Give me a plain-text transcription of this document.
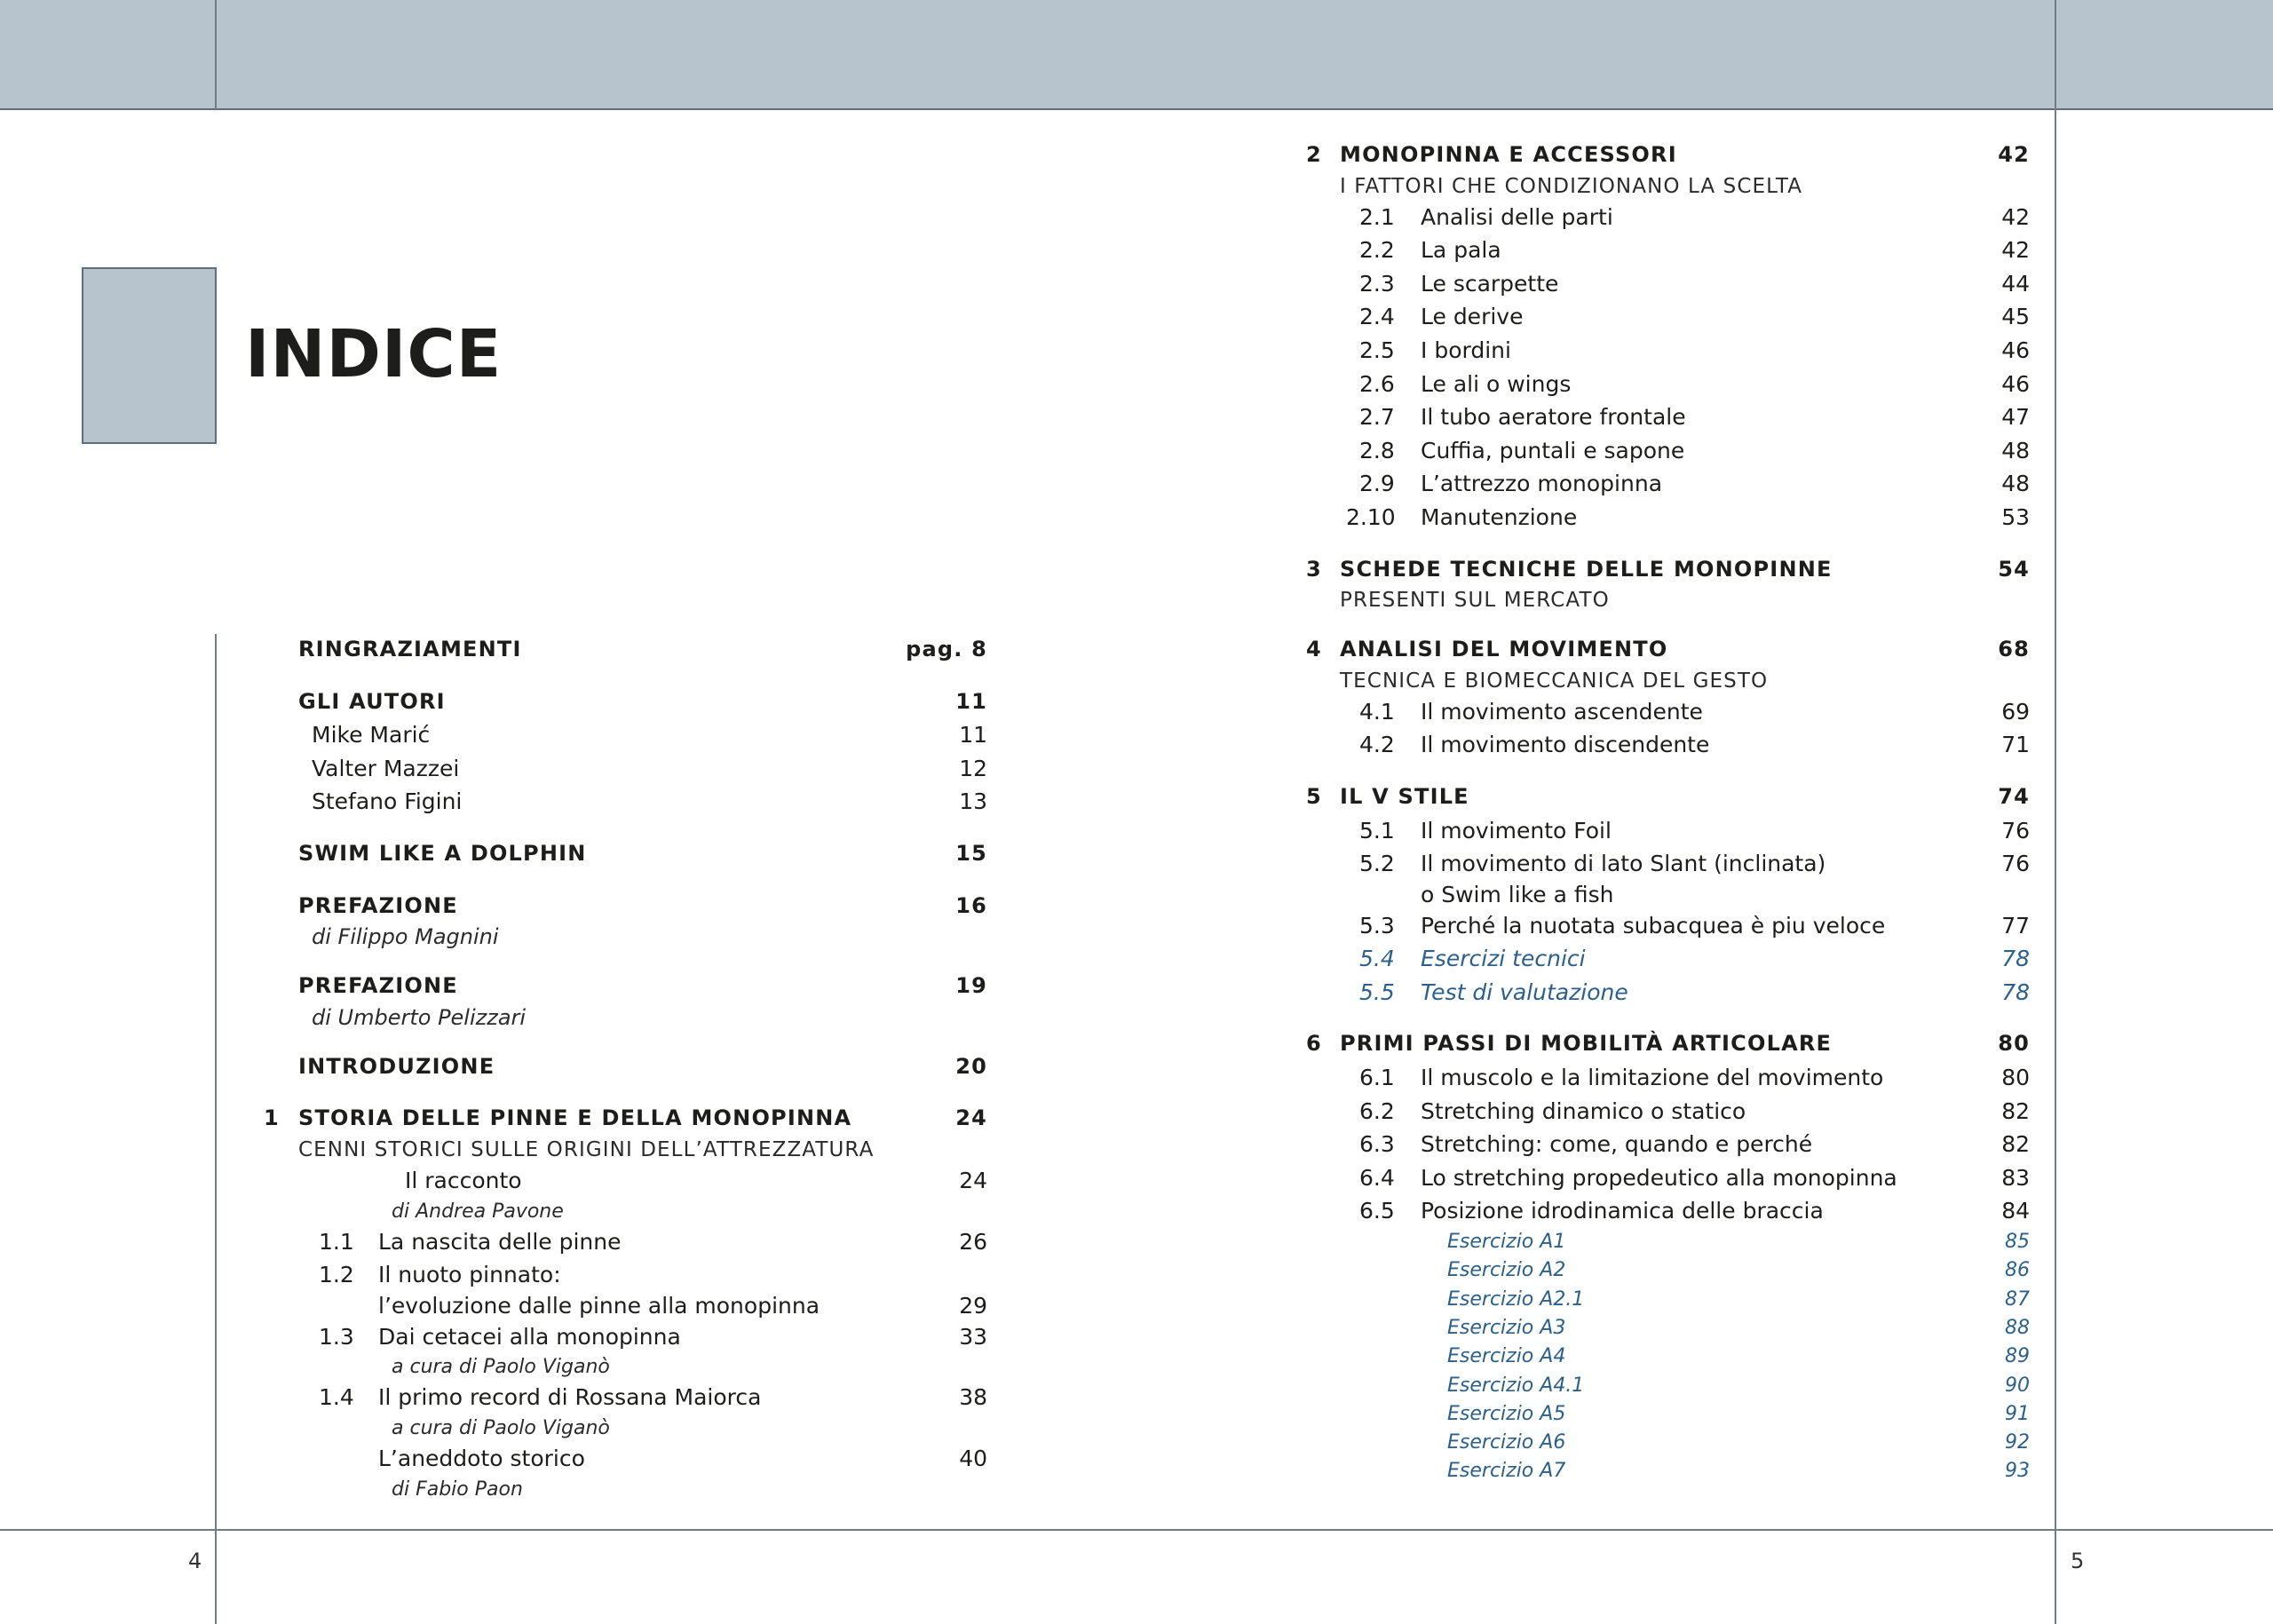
INDICE
4	5
RINGRAZIAMENTI	pag. 8
GLI AUTORI	11
Mike Marić	11
Valter Mazzei	12
Stefano Figini	13
SWIM LIKE A DOLPHIN	15
PREFAZIONE	16
di Filippo Magnini
PREFAZIONE	19
di Umberto Pelizzari
INTRODUZIONE	20
1 STORIA DELLE PINNE E DELLA MONOPINNA	24
CENNI STORICI SULLE ORIGINI DELL’ATTREZZATURA
Il racconto	24
di Andrea Pavone
1.1 La nascita delle pinne	26
1.2 Il nuoto pinnato:
l’evoluzione dalle pinne alla monopinna	29
1.3 Dai cetacei alla monopinna	33
a cura di Paolo Viganò
1.4 Il primo record di Rossana Maiorca	38
a cura di Paolo Viganò
L’aneddoto storico	40
di Fabio Paon
2 MONOPINNA E ACCESSORI	42
I FATTORI CHE CONDIZIONANO LA SCELTA
2.1 Analisi delle parti	42
2.2 La pala	42
2.3 Le scarpette	44
2.4 Le derive	45
2.5 I bordini	46
2.6 Le ali o wings	46
2.7 Il tubo aeratore frontale	47
2.8 Cuffia, puntali e sapone	48
2.9 L’attrezzo monopinna	48
2.10 Manutenzione	53
3 SCHEDE TECNICHE DELLE MONOPINNE	54
PRESENTI SUL MERCATO
4 ANALISI DEL MOVIMENTO	68
TECNICA E BIOMECCANICA DEL GESTO
4.1 Il movimento ascendente	69
4.2 Il movimento discendente	71
5 IL V STILE	74
5.1 Il movimento Foil	76
5.2 Il movimento di lato Slant (inclinata)	76
o Swim like a fish
5.3 Perché la nuotata subacquea è piu veloce	77
5.4 Esercizi tecnici	78
5.5 Test di valutazione	78
6 PRIMI PASSI DI MOBILITÀ ARTICOLARE	80
6.1 Il muscolo e la limitazione del movimento	80
6.2 Stretching dinamico o statico	82
6.3 Stretching: come, quando e perché	82
6.4 Lo stretching propedeutico alla monopinna	83
6.5 Posizione idrodinamica delle braccia	84
Esercizio A1	85
Esercizio A2	86
Esercizio A2.1	87
Esercizio A3	88
Esercizio A4	89
Esercizio A4.1	90
Esercizio A5	91
Esercizio A6	92
Esercizio A7	93
